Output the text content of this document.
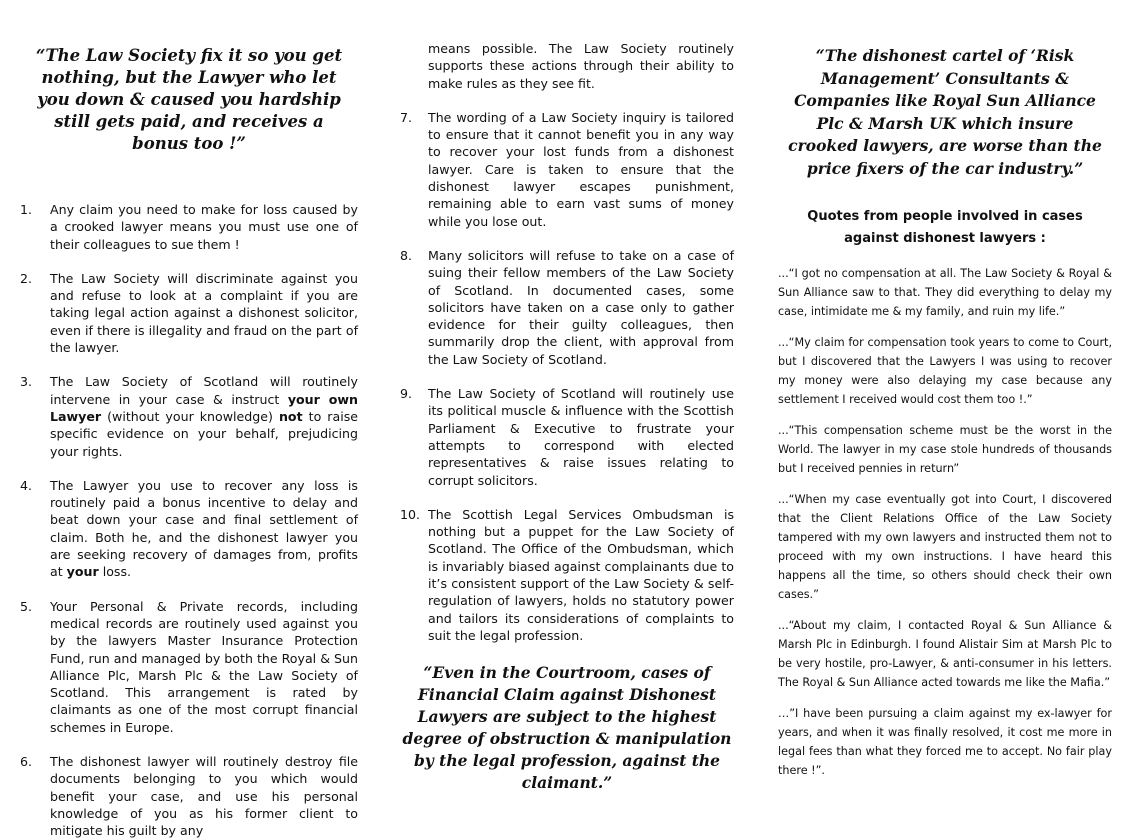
“The Law Society fix it so you get nothing, but the Lawyer who let you down & caused you hardship still gets paid, and receives a bonus too !”

1. Any claim you need to make for loss caused by a crooked lawyer means you must use one of their colleagues to sue them !
2. The Law Society will discriminate against you and refuse to look at a complaint if you are taking legal action against a dishonest solicitor, even if there is illegality and fraud on the part of the lawyer.
3. The Law Society of Scotland will routinely intervene in your case & instruct your own Lawyer (without your knowledge) not to raise specific evidence on your behalf, prejudicing your rights.
4. The Lawyer you use to recover any loss is routinely paid a bonus incentive to delay and beat down your case and final settlement of claim. Both he, and the dishonest lawyer you are seeking recovery of damages from, profits at your loss.
5. Your Personal & Private records, including medical records are routinely used against you by the lawyers Master Insurance Protection Fund, run and managed by both the Royal & Sun Alliance Plc, Marsh Plc & the Law Society of Scotland. This arrangement is rated by claimants as one of the most corrupt financial schemes in Europe.
6. The dishonest lawyer will routinely destroy file documents belonging to you which would benefit your case, and use his personal knowledge of you as his former client to mitigate his guilt by any

means possible. The Law Society routinely supports these actions through their ability to make rules as they see fit.

7. The wording of a Law Society inquiry is tailored to ensure that it cannot benefit you in any way to recover your lost funds from a dishonest lawyer. Care is taken to ensure that the dishonest lawyer escapes punishment, remaining able to earn vast sums of money while you lose out.
8. Many solicitors will refuse to take on a case of suing their fellow members of the Law Society of Scotland. In documented cases, some solicitors have taken on a case only to gather evidence for their guilty colleagues, then summarily drop the client, with approval from the Law Society of Scotland.
9. The Law Society of Scotland will routinely use its political muscle & influence with the Scottish Parliament & Executive to frustrate your attempts to correspond with elected representatives & raise issues relating to corrupt solicitors.
10. The Scottish Legal Services Ombudsman is nothing but a puppet for the Law Society of Scotland. The Office of the Ombudsman, which is invariably biased against complainants due to it’s consistent support of the Law Society & self-regulation of lawyers, holds no statutory power and tailors its considerations of complaints to suit the legal profession.

“Even in the Courtroom, cases of Financial Claim against Dishonest Lawyers are subject to the highest degree of obstruction & manipulation by the legal profession, against the claimant.”

“The dishonest cartel of ‘Risk Management’ Consultants & Companies like Royal Sun Alliance Plc & Marsh UK which insure crooked lawyers, are worse than the price fixers of the car industry.”

Quotes from people involved in cases against dishonest lawyers :

...“I got no compensation at all. The Law Society & Royal & Sun Alliance saw to that. They did everything to delay my case, intimidate me & my family, and ruin my life.”

...“My claim for compensation took years to come to Court, but I discovered that the Lawyers I was using to recover my money were also delaying my case because any settlement I received would cost them too !.”

...“This compensation scheme must be the worst in the World. The lawyer in my case stole hundreds of thousands but I received pennies in return”

...“When my case eventually got into Court, I discovered that the Client Relations Office of the Law Society tampered with my own lawyers and instructed them not to proceed with my own instructions. I have heard this happens all the time, so others should check their own cases.”

...“About my claim, I contacted Royal & Sun Alliance & Marsh Plc in Edinburgh. I found Alistair Sim at Marsh Plc to be very hostile, pro-Lawyer, & anti-consumer in his letters. The Royal & Sun Alliance acted towards me like the Mafia.”

…”I have been pursuing a claim against my ex-lawyer for years, and when it was finally resolved, it cost me more in legal fees than what they forced me to accept. No fair play there !”.
